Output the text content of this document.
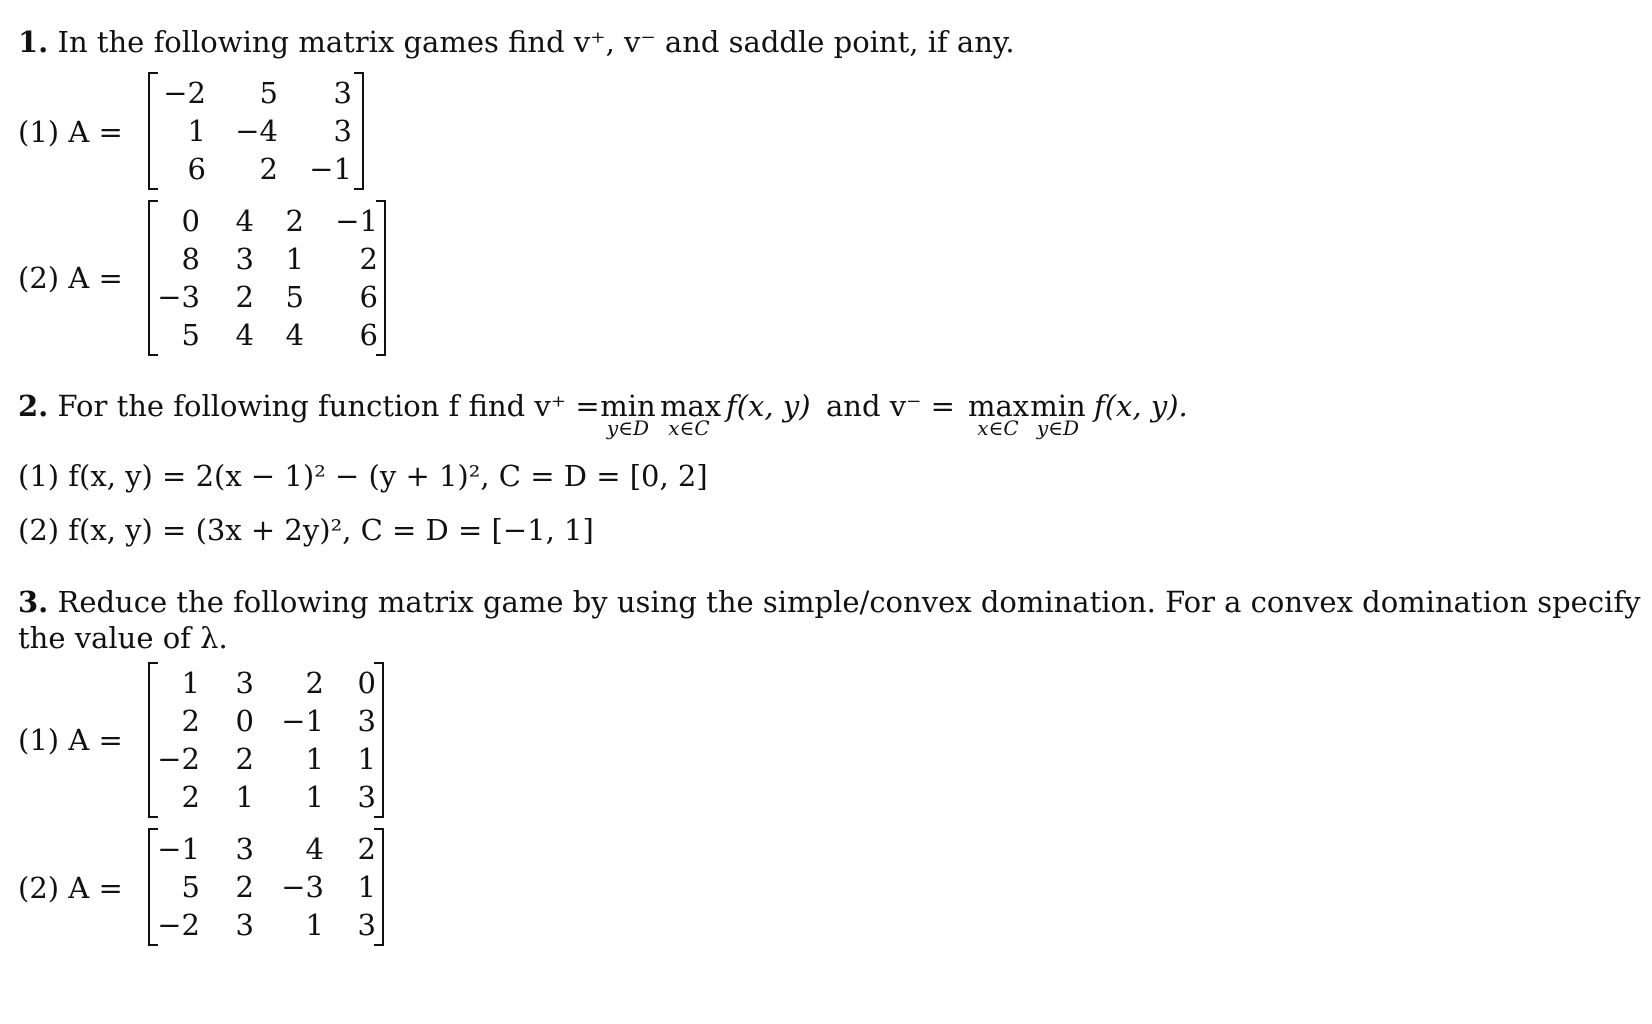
1. In the following matrix games find v⁺, v⁻ and saddle point, if any.
(1) A =
−2	5	3
1	−4	3
6	2	−1
(2) A =
0	4	2	−1
8	3	1	2
−3	2	5	6
5	4	4	6
2. For the following function f find v⁺ = min
y∈D
max
x∈C
f(x, y) and v⁻ = max
x∈C
min
y∈D
f(x, y).
(1) f(x, y) = 2(x − 1)² − (y + 1)², C = D = [0, 2]
(2) f(x, y) = (3x + 2y)², C = D = [−1, 1]
3. Reduce the following matrix game by using the simple/convex domination. For a convex domination specify
the value of λ.
(1) A =
1	3	2	0
2	0 −1	3
−2	2	1	1
2	1	1	3
(2) A =
−1	3	4	2
5	2 −3	1
−2	3	1	3
